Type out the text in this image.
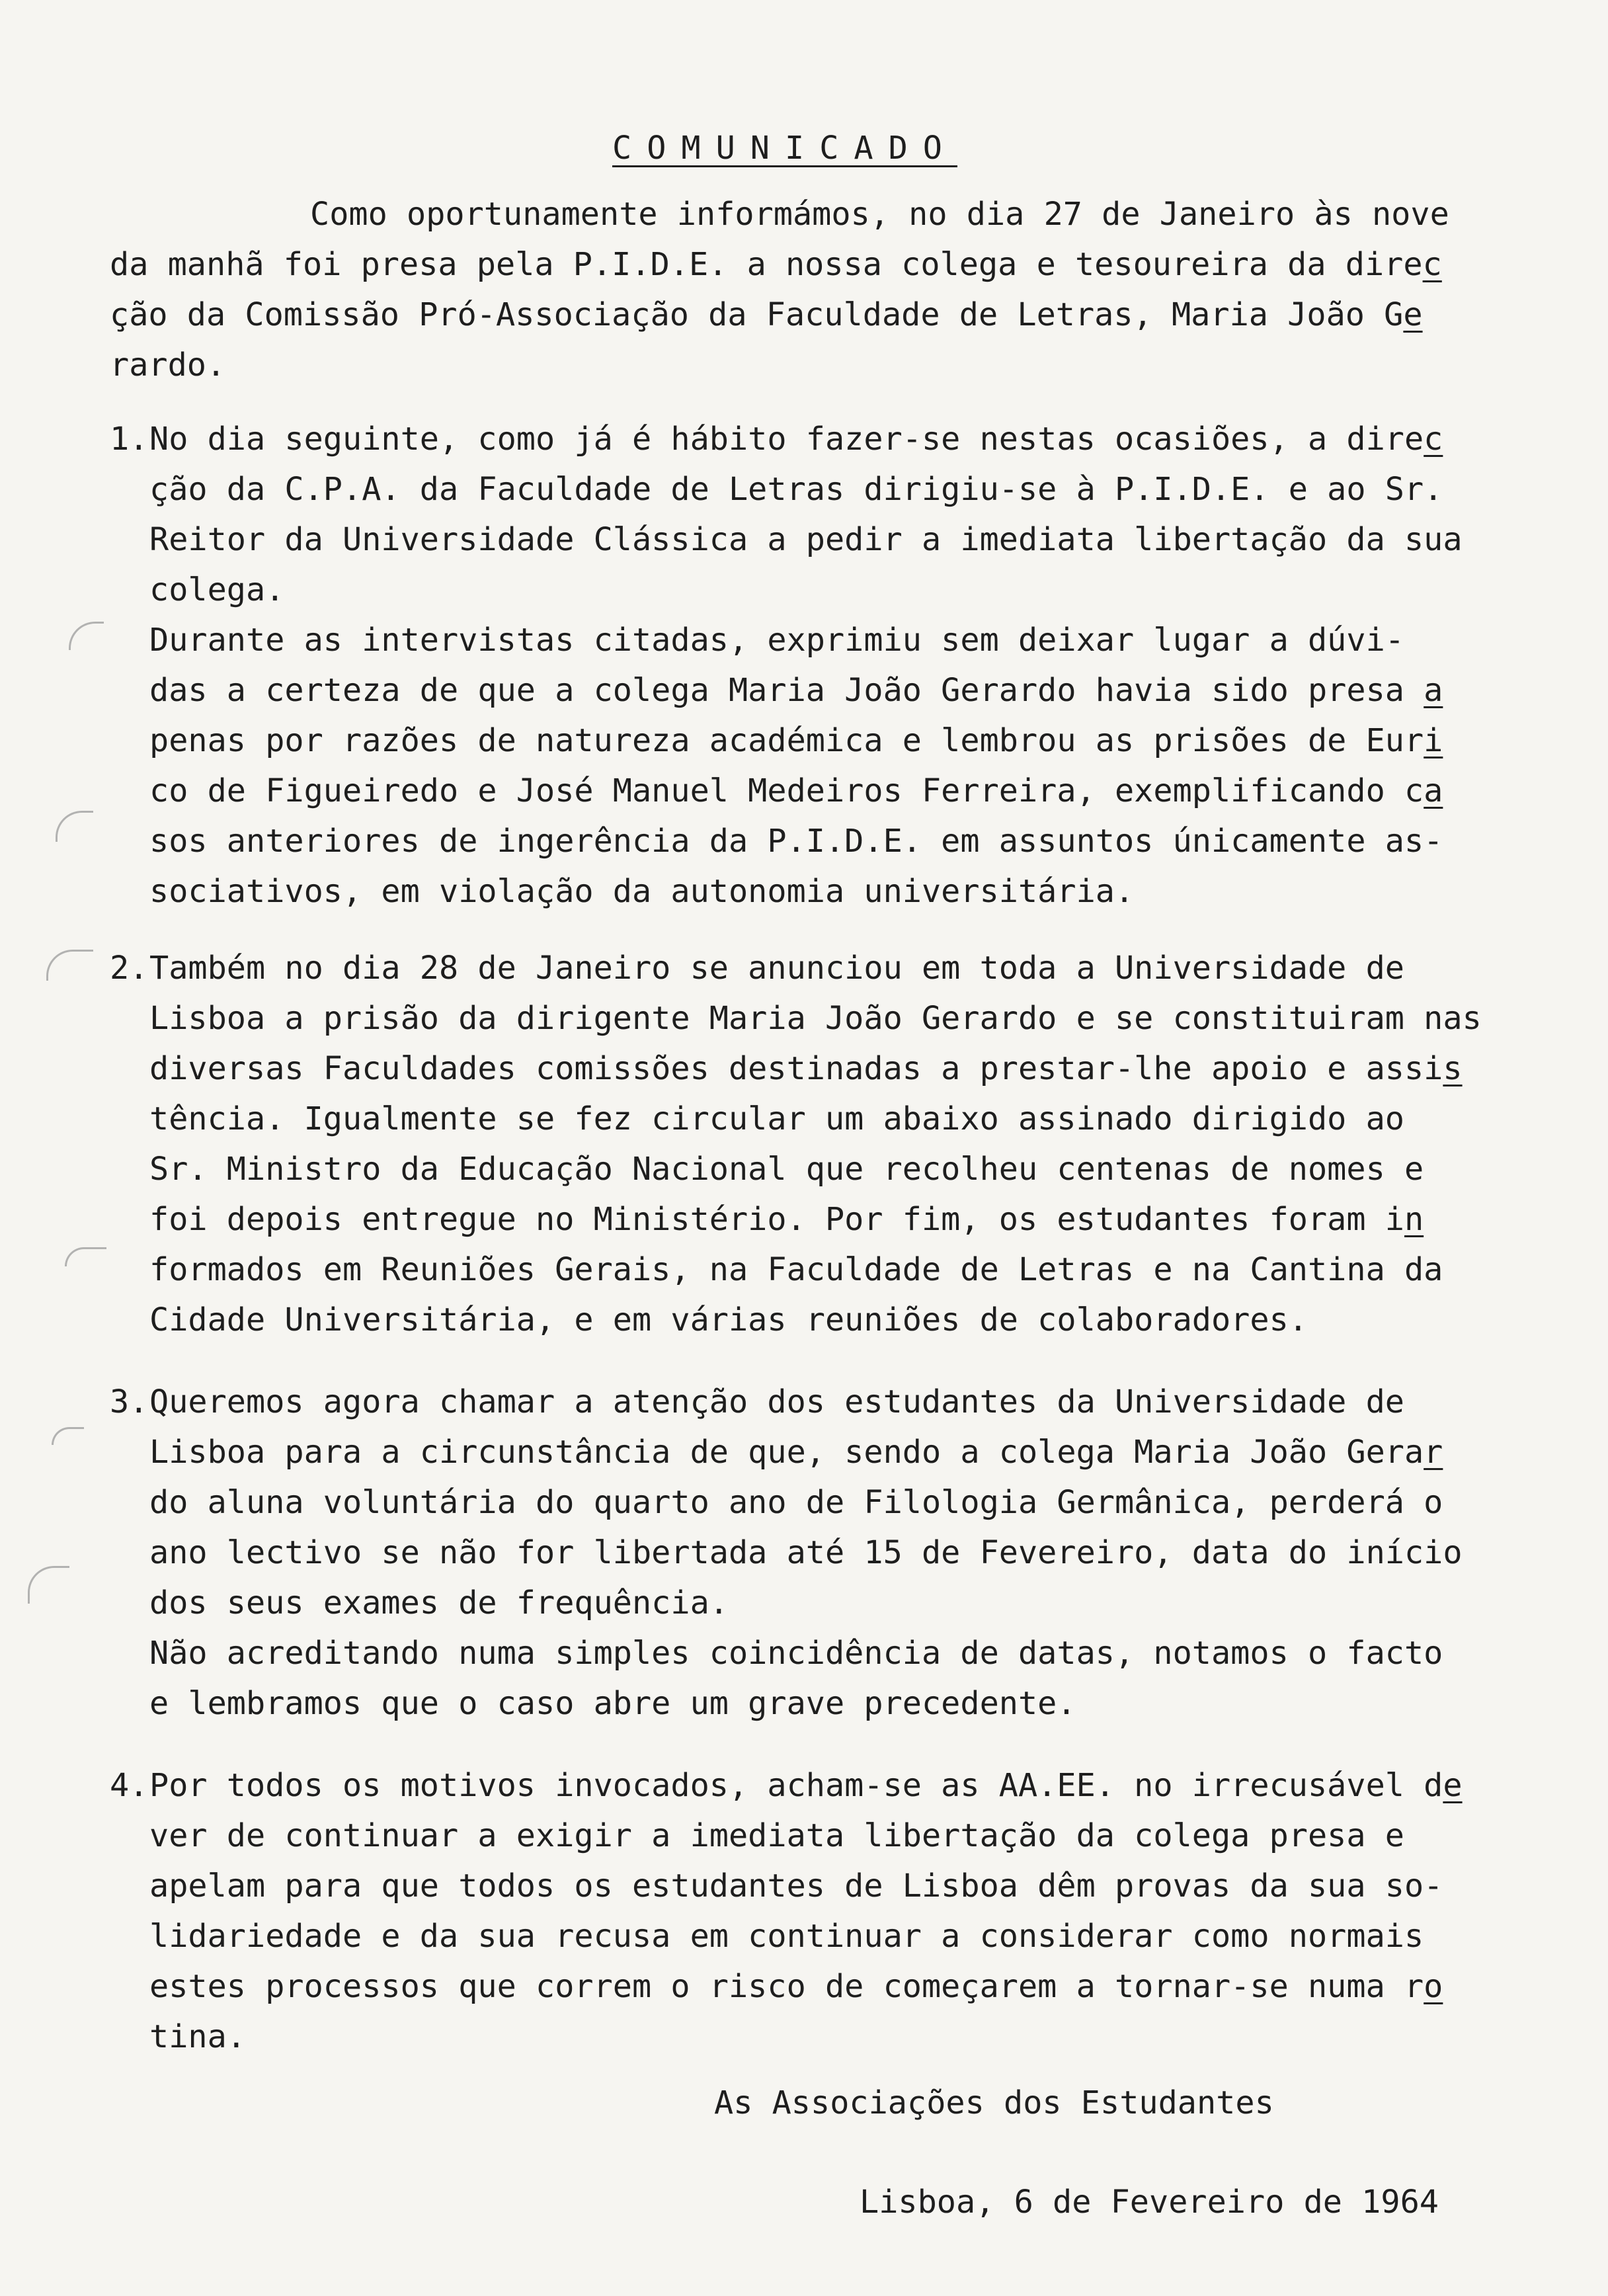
COMUNICADO
Como oportunamente informámos, no dia 27 de Janeiro às nove
da manhã foi presa pela P.I.D.E. a nossa colega e tesoureira da direc
ção da Comissão Pró-Associação da Faculdade de Letras, Maria João Ge
rardo.
1. No dia seguinte, como já é hábito fazer-se nestas ocasiões, a direc
ção da C.P.A. da Faculdade de Letras dirigiu-se à P.I.D.E. e ao Sr.
Reitor da Universidade Clássica a pedir a imediata libertação da sua
colega.
Durante as intervistas citadas, exprimiu sem deixar lugar a dúvi-
das a certeza de que a colega Maria João Gerardo havia sido presa a
penas por razões de natureza académica e lembrou as prisões de Euri
co de Figueiredo e José Manuel Medeiros Ferreira, exemplificando ca
sos anteriores de ingerência da P.I.D.E. em assuntos únicamente as-
sociativos, em violação da autonomia universitária.
2. Também no dia 28 de Janeiro se anunciou em toda a Universidade de
Lisboa a prisão da dirigente Maria João Gerardo e se constituiram nas
diversas Faculdades comissões destinadas a prestar-lhe apoio e assis
tência. Igualmente se fez circular um abaixo assinado dirigido ao
Sr. Ministro da Educação Nacional que recolheu centenas de nomes e
foi depois entregue no Ministério. Por fim, os estudantes foram in
formados em Reuniões Gerais, na Faculdade de Letras e na Cantina da
Cidade Universitária, e em várias reuniões de colaboradores.
3. Queremos agora chamar a atenção dos estudantes da Universidade de
Lisboa para a circunstância de que, sendo a colega Maria João Gerar
do aluna voluntária do quarto ano de Filologia Germânica, perderá o
ano lectivo se não for libertada até 15 de Fevereiro, data do início
dos seus exames de frequência.
Não acreditando numa simples coincidência de datas, notamos o facto
e lembramos que o caso abre um grave precedente.
4. Por todos os motivos invocados, acham-se as AA.EE. no irrecusável de
ver de continuar a exigir a imediata libertação da colega presa e
apelam para que todos os estudantes de Lisboa dêm provas da sua so-
lidariedade e da sua recusa em continuar a considerar como normais
estes processos que correm o risco de começarem a tornar-se numa ro
tina.
As Associações dos Estudantes
Lisboa, 6 de Fevereiro de 1964
